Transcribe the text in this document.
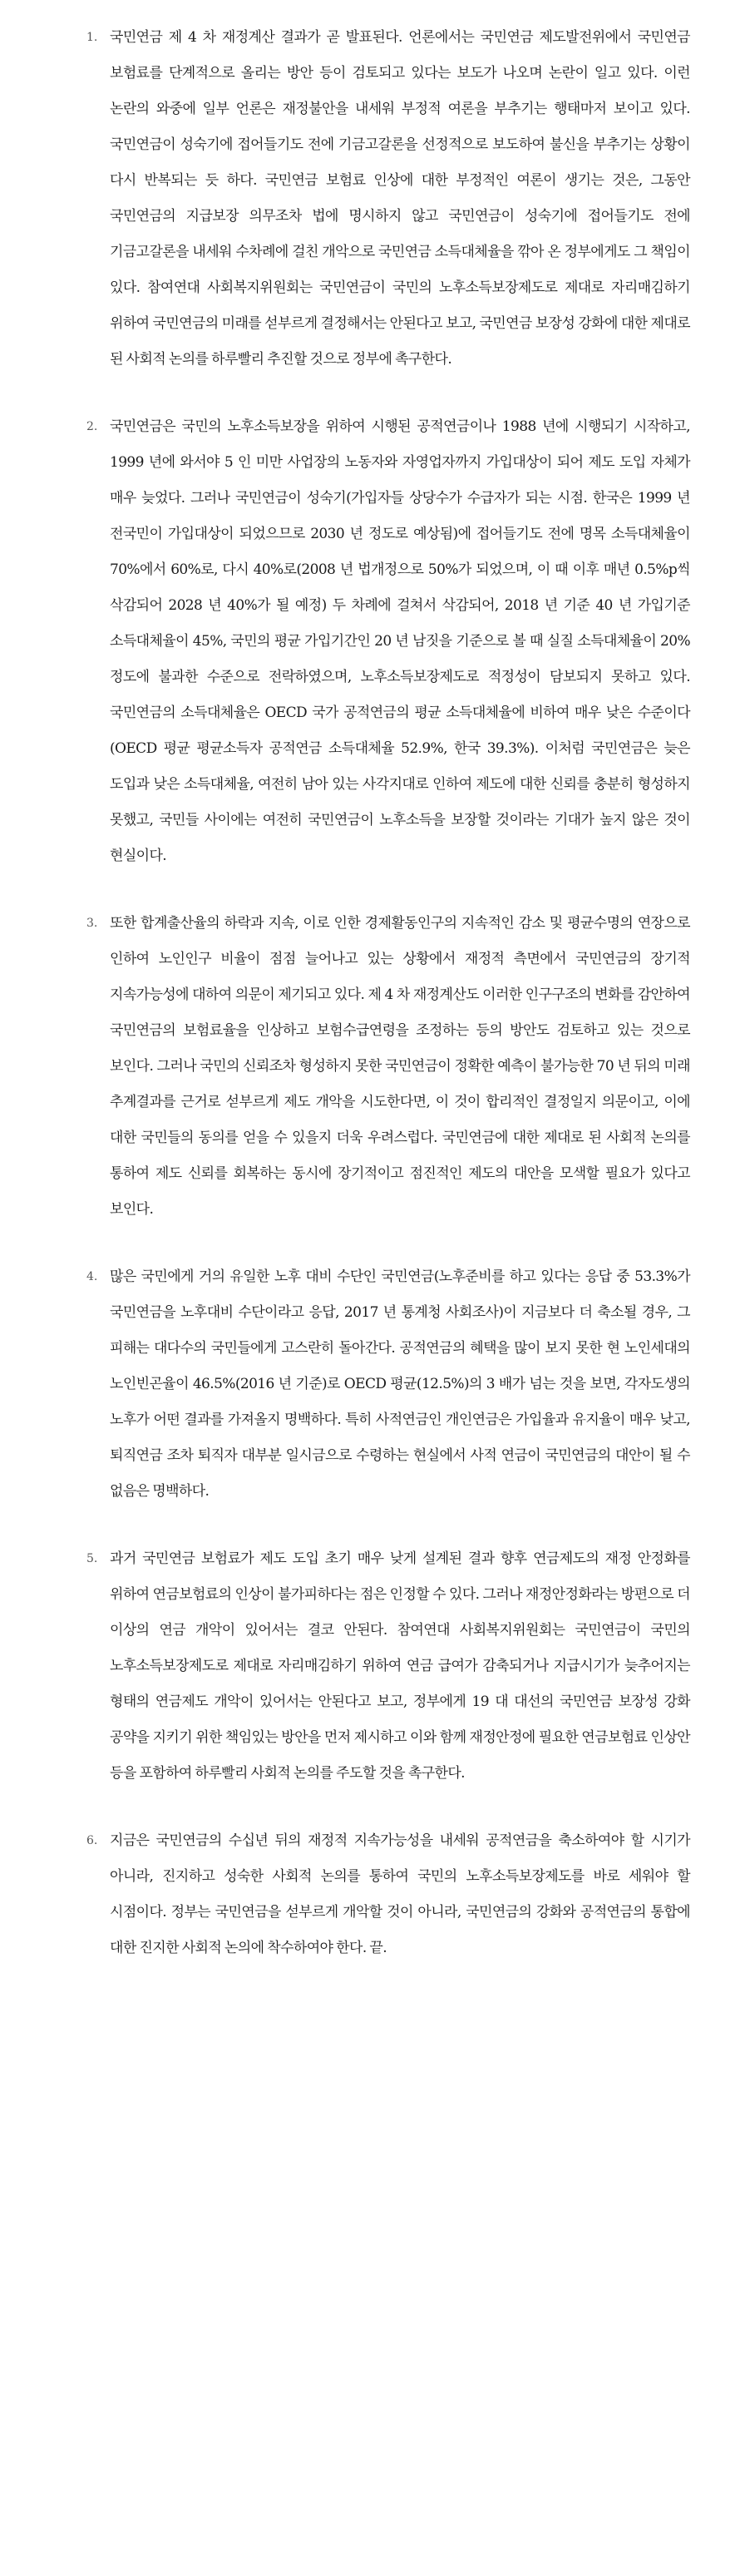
1. 국민연금 제 4 차 재정계산 결과가 곧 발표된다. 언론에서는 국민연금 제도발전위에서 국민연금 보험료를 단계적으로 올리는 방안 등이 검토되고 있다는 보도가 나오며 논란이 일고 있다. 이런 논란의 와중에 일부 언론은 재정불안을 내세워 부정적 여론을 부추기는 행태마저 보이고 있다. 국민연금이 성숙기에 접어들기도 전에 기금고갈론을 선정적으로 보도하여 불신을 부추기는 상황이 다시 반복되는 듯 하다. 국민연금 보험료 인상에 대한 부정적인 여론이 생기는 것은, 그동안 국민연금의 지급보장 의무조차 법에 명시하지 않고 국민연금이 성숙기에 접어들기도 전에 기금고갈론을 내세워 수차례에 걸친 개악으로 국민연금 소득대체율을 깎아 온 정부에게도 그 책임이 있다. 참여연대 사회복지위원회는 국민연금이 국민의 노후소득보장제도로 제대로 자리매김하기 위하여 국민연금의 미래를 섣부르게 결정해서는 안된다고 보고, 국민연금 보장성 강화에 대한 제대로 된 사회적 논의를 하루빨리 추진할 것으로 정부에 촉구한다.

2. 국민연금은 국민의 노후소득보장을 위하여 시행된 공적연금이나 1988 년에 시행되기 시작하고, 1999 년에 와서야 5 인 미만 사업장의 노동자와 자영업자까지 가입대상이 되어 제도 도입 자체가 매우 늦었다. 그러나 국민연금이 성숙기(가입자들 상당수가 수급자가 되는 시점. 한국은 1999 년 전국민이 가입대상이 되었으므로 2030 년 정도로 예상됨)에 접어들기도 전에 명목 소득대체율이 70%에서 60%로, 다시 40%로(2008 년 법개정으로 50%가 되었으며, 이 때 이후 매년 0.5%p씩 삭감되어 2028 년 40%가 될 예정) 두 차례에 걸쳐서 삭감되어, 2018 년 기준 40 년 가입기준 소득대체율이 45%, 국민의 평균 가입기간인 20 년 남짓을 기준으로 볼 때 실질 소득대체율이 20% 정도에 불과한 수준으로 전락하였으며, 노후소득보장제도로 적정성이 담보되지 못하고 있다. 국민연금의 소득대체율은 OECD 국가 공적연금의 평균 소득대체율에 비하여 매우 낮은 수준이다(OECD 평균 평균소득자 공적연금 소득대체율 52.9%, 한국 39.3%). 이처럼 국민연금은 늦은 도입과 낮은 소득대체율, 여전히 남아 있는 사각지대로 인하여 제도에 대한 신뢰를 충분히 형성하지 못했고, 국민들 사이에는 여전히 국민연금이 노후소득을 보장할 것이라는 기대가 높지 않은 것이 현실이다.

3. 또한 합계출산율의 하락과 지속, 이로 인한 경제활동인구의 지속적인 감소 및 평균수명의 연장으로 인하여 노인인구 비율이 점점 늘어나고 있는 상황에서 재정적 측면에서 국민연금의 장기적 지속가능성에 대하여 의문이 제기되고 있다. 제 4 차 재정계산도 이러한 인구구조의 변화를 감안하여 국민연금의 보험료율을 인상하고 보험수급연령을 조정하는 등의 방안도 검토하고 있는 것으로 보인다. 그러나 국민의 신뢰조차 형성하지 못한 국민연금이 정확한 예측이 불가능한 70 년 뒤의 미래 추계결과를 근거로 섣부르게 제도 개악을 시도한다면, 이 것이 합리적인 결정일지 의문이고, 이에 대한 국민들의 동의를 얻을 수 있을지 더욱 우려스럽다. 국민연금에 대한 제대로 된 사회적 논의를 통하여 제도 신뢰를 회복하는 동시에 장기적이고 점진적인 제도의 대안을 모색할 필요가 있다고 보인다.

4. 많은 국민에게 거의 유일한 노후 대비 수단인 국민연금(노후준비를 하고 있다는 응답 중 53.3%가 국민연금을 노후대비 수단이라고 응답, 2017 년 통계청 사회조사)이 지금보다 더 축소될 경우, 그 피해는 대다수의 국민들에게 고스란히 돌아간다. 공적연금의 혜택을 많이 보지 못한 현 노인세대의 노인빈곤율이 46.5%(2016 년 기준)로 OECD 평균(12.5%)의 3 배가 넘는 것을 보면, 각자도생의 노후가 어떤 결과를 가져올지 명백하다. 특히 사적연금인 개인연금은 가입율과 유지율이 매우 낮고, 퇴직연금 조차 퇴직자 대부분 일시금으로 수령하는 현실에서 사적 연금이 국민연금의 대안이 될 수 없음은 명백하다.

5. 과거 국민연금 보험료가 제도 도입 초기 매우 낮게 설계된 결과 향후 연금제도의 재정 안정화를 위하여 연금보험료의 인상이 불가피하다는 점은 인정할 수 있다. 그러나 재정안정화라는 방편으로 더 이상의 연금 개악이 있어서는 결코 안된다. 참여연대 사회복지위원회는 국민연금이 국민의 노후소득보장제도로 제대로 자리매김하기 위하여 연금 급여가 감축되거나 지급시기가 늦추어지는 형태의 연금제도 개악이 있어서는 안된다고 보고, 정부에게 19 대 대선의 국민연금 보장성 강화 공약을 지키기 위한 책임있는 방안을 먼저 제시하고 이와 함께 재정안정에 필요한 연금보험료 인상안 등을 포함하여 하루빨리 사회적 논의를 주도할 것을 촉구한다.

6. 지금은 국민연금의 수십년 뒤의 재정적 지속가능성을 내세워 공적연금을 축소하여야 할 시기가 아니라, 진지하고 성숙한 사회적 논의를 통하여 국민의 노후소득보장제도를 바로 세워야 할 시점이다. 정부는 국민연금을 섣부르게 개악할 것이 아니라, 국민연금의 강화와 공적연금의 통합에 대한 진지한 사회적 논의에 착수하여야 한다. 끝.
